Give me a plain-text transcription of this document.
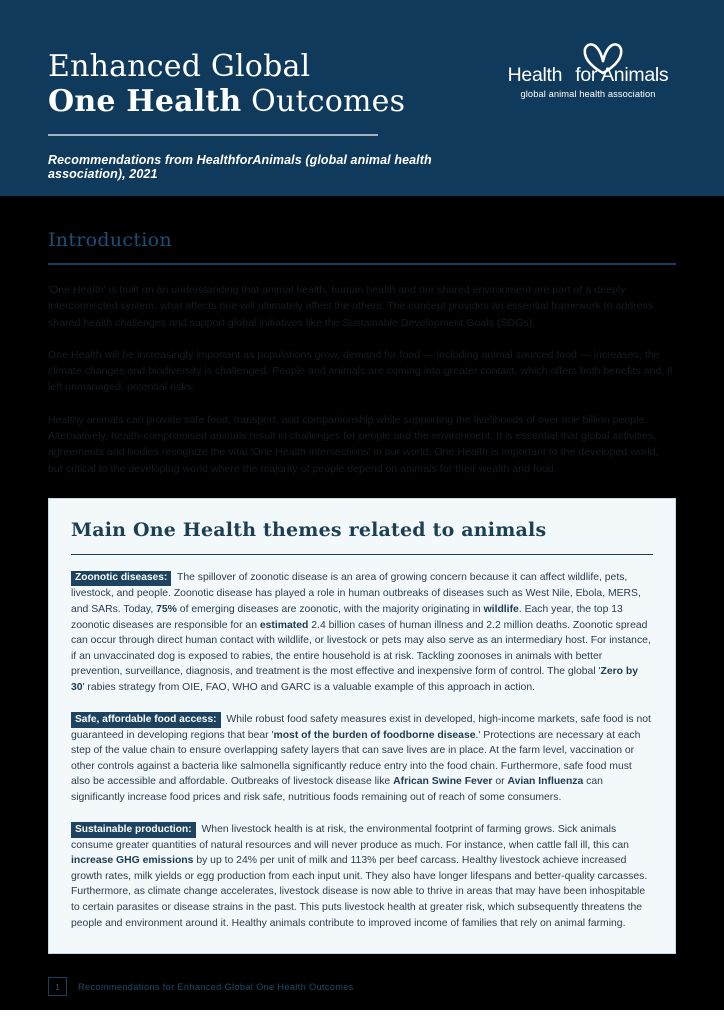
Enhanced Global
One Health Outcomes
Recommendations from HealthforAnimals (global animal health association), 2021
Health for Animals
global animal health association
Introduction
'One Health' is built on an understanding that animal health, human health and our shared environment are part of a deeply interconnected system: what affects one will ultimately affect the others. The concept provides an essential framework to address shared health challenges and support global initiatives like the Sustainable Development Goals (SDGs).
One Health will be increasingly important as populations grow, demand for food — including animal sourced food — increases, the climate changes and biodiversity is challenged. People and animals are coming into greater contact, which offers both benefits and, if left unmanaged, potential risks.
Healthy animals can provide safe food, transport, and companionship while supporting the livelihoods of over one billion people. Alternatively, health-compromised animals result in challenges for people and the environment. It is essential that global activities, agreements and bodies recognize the vital 'One Health intersections' in our world. One Health is important to the developed world, but critical to the developing world where the majority of people depend on animals for their wealth and food.
Main One Health themes related to animals
Zoonotic diseases: The spillover of zoonotic disease is an area of growing concern because it can affect wildlife, pets, livestock, and people. Zoonotic disease has played a role in human outbreaks of diseases such as West Nile, Ebola, MERS, and SARs. Today, 75% of emerging diseases are zoonotic, with the majority originating in wildlife. Each year, the top 13 zoonotic diseases are responsible for an estimated 2.4 billion cases of human illness and 2.2 million deaths. Zoonotic spread can occur through direct human contact with wildlife, or livestock or pets may also serve as an intermediary host. For instance, if an unvaccinated dog is exposed to rabies, the entire household is at risk. Tackling zoonoses in animals with better prevention, surveillance, diagnosis, and treatment is the most effective and inexpensive form of control. The global 'Zero by 30' rabies strategy from OIE, FAO, WHO and GARC is a valuable example of this approach in action.
Safe, affordable food access: While robust food safety measures exist in developed, high-income markets, safe food is not guaranteed in developing regions that bear 'most of the burden of foodborne disease.' Protections are necessary at each step of the value chain to ensure overlapping safety layers that can save lives are in place. At the farm level, vaccination or other controls against a bacteria like salmonella significantly reduce entry into the food chain. Furthermore, safe food must also be accessible and affordable. Outbreaks of livestock disease like African Swine Fever or Avian Influenza can significantly increase food prices and risk safe, nutritious foods remaining out of reach of some consumers.
Sustainable production: When livestock health is at risk, the environmental footprint of farming grows. Sick animals consume greater quantities of natural resources and will never produce as much. For instance, when cattle fall ill, this can increase GHG emissions by up to 24% per unit of milk and 113% per beef carcass. Healthy livestock achieve increased growth rates, milk yields or egg production from each input unit. They also have longer lifespans and better-quality carcasses. Furthermore, as climate change accelerates, livestock disease is now able to thrive in areas that may have been inhospitable to certain parasites or disease strains in the past. This puts livestock health at greater risk, which subsequently threatens the people and environment around it. Healthy animals contribute to improved income of families that rely on animal farming.
1	Recommendations for Enhanced Global One Health Outcomes
